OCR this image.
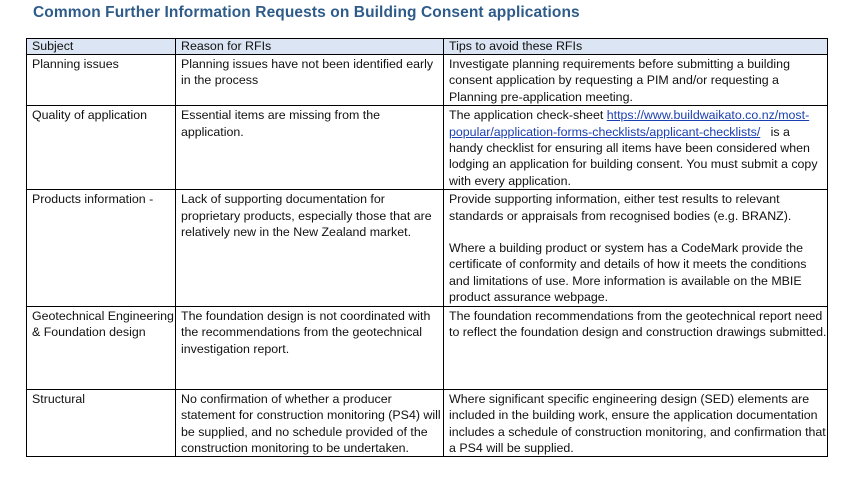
Common Further Information Requests on Building Consent applications
Subject	Reason for RFIs	Tips to avoid these RFIs
Planning issues	Planning issues have not been identified early in the process	Investigate planning requirements before submitting a building consent application by requesting a PIM and/or requesting a Planning pre-application meeting.
Quality of application	Essential items are missing from the application.	The application check-sheet https://www.buildwaikato.co.nz/most-popular/application-forms-checklists/applicant-checklists/   is a handy checklist for ensuring all items have been considered when lodging an application for building consent. You must submit a copy with every application.
Products information -	Lack of supporting documentation for proprietary products, especially those that are relatively new in the New Zealand market.	Provide supporting information, either test results to relevant standards or appraisals from recognised bodies (e.g. BRANZ).

Where a building product or system has a CodeMark provide the certificate of conformity and details of how it meets the conditions and limitations of use. More information is available on the MBIE product assurance webpage.

Geotechnical Engineering & Foundation design	The foundation design is not coordinated with the recommendations from the geotechnical investigation report.	The foundation recommendations from the geotechnical report need to reflect the foundation design and construction drawings submitted.
Structural	No confirmation of whether a producer statement for construction monitoring (PS4) will be supplied, and no schedule provided of the construction monitoring to be undertaken.	Where significant specific engineering design (SED) elements are included in the building work, ensure the application documentation includes a schedule of construction monitoring, and confirmation that a PS4 will be supplied.
